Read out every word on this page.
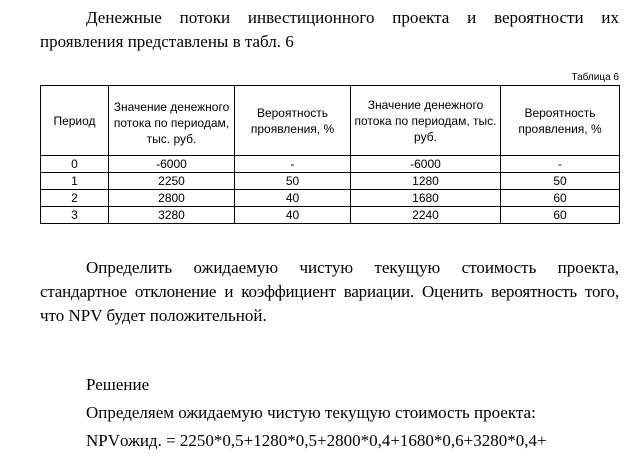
Денежные потоки инвестиционного проекта и вероятности их
проявления представлены в табл. 6

Таблица 6
Период	Значение денежного потока по периодам, тыс. руб.	Вероятность проявления, %	Значение денежного потока по периодам, тыс. руб.	Вероятность проявления, %

0	-6000	-	-6000	-
1	2250	50	1280	50
2	2800	40	1680	60
3	3280	40	2240	60

Определить ожидаемую чистую текущую стоимость проекта,
стандартное отклонение и коэффициент вариации. Оценить вероятность того,
что NPV будет положительной.

Решение

Определяем ожидаемую чистую текущую стоимость проекта:

NPVожид. = 2250*0,5+1280*0,5+2800*0,4+1680*0,6+3280*0,4+
